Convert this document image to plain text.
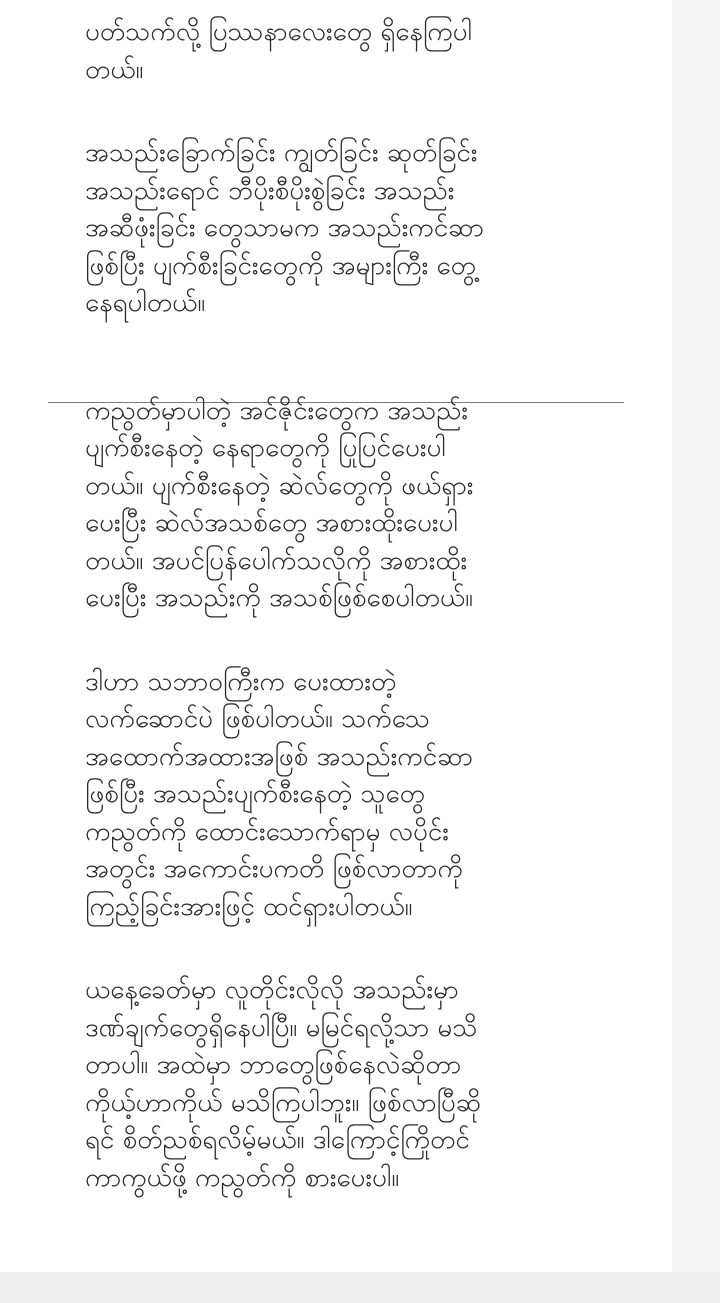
ပတ်သက်လို့ ပြဿနာလေးတွေ ရှိနေကြပါ
တယ်။

အသည်းခြောက်ခြင်း ကျွတ်ခြင်း ဆုတ်ခြင်း
အသည်းရောင် ဘီပိုးစီပိုးစွဲခြင်း အသည်း
အဆီဖုံးခြင်း တွေသာမက အသည်းကင်ဆာ
ဖြစ်ပြီး ပျက်စီးခြင်းတွေကို အများကြီး တွေ့
နေရပါတယ်။

ကညွတ်မှာပါတဲ့ အင်ဇိုင်းတွေက အသည်း
ပျက်စီးနေတဲ့ နေရာတွေကို ပြုပြင်ပေးပါ
တယ်။ ပျက်စီးနေတဲ့ ဆဲလ်တွေကို ဖယ်ရှား
ပေးပြီး ဆဲလ်အသစ်တွေ အစားထိုးပေးပါ
တယ်။ အပင်ပြန်ပေါက်သလိုကို အစားထိုး
ပေးပြီး အသည်းကို အသစ်ဖြစ်စေပါတယ်။

ဒါဟာ သဘာဝကြီးက ပေးထားတဲ့
လက်ဆောင်ပဲ ဖြစ်ပါတယ်။ သက်သေ
အထောက်အထားအဖြစ် အသည်းကင်ဆာ
ဖြစ်ပြီး အသည်းပျက်စီးနေတဲ့ သူတွေ
ကညွတ်ကို ထောင်းသောက်ရာမှ လပိုင်း
အတွင်း အကောင်းပကတိ ဖြစ်လာတာကို
ကြည့်ခြင်းအားဖြင့် ထင်ရှားပါတယ်။

ယနေ့ခေတ်မှာ လူတိုင်းလိုလို အသည်းမှာ
ဒဏ်ချက်တွေရှိနေပါပြီ။ မမြင်ရလို့သာ မသိ
တာပါ။ အထဲမှာ ဘာတွေဖြစ်နေလဲဆိုတာ
ကိုယ့်ဟာကိုယ် မသိကြပါဘူး။ ဖြစ်လာပြီဆို
ရင် စိတ်ညစ်ရလိမ့်မယ်။ ဒါကြောင့်ကြိုတင်
ကာကွယ်ဖို့ ကညွတ်ကို စားပေးပါ။
